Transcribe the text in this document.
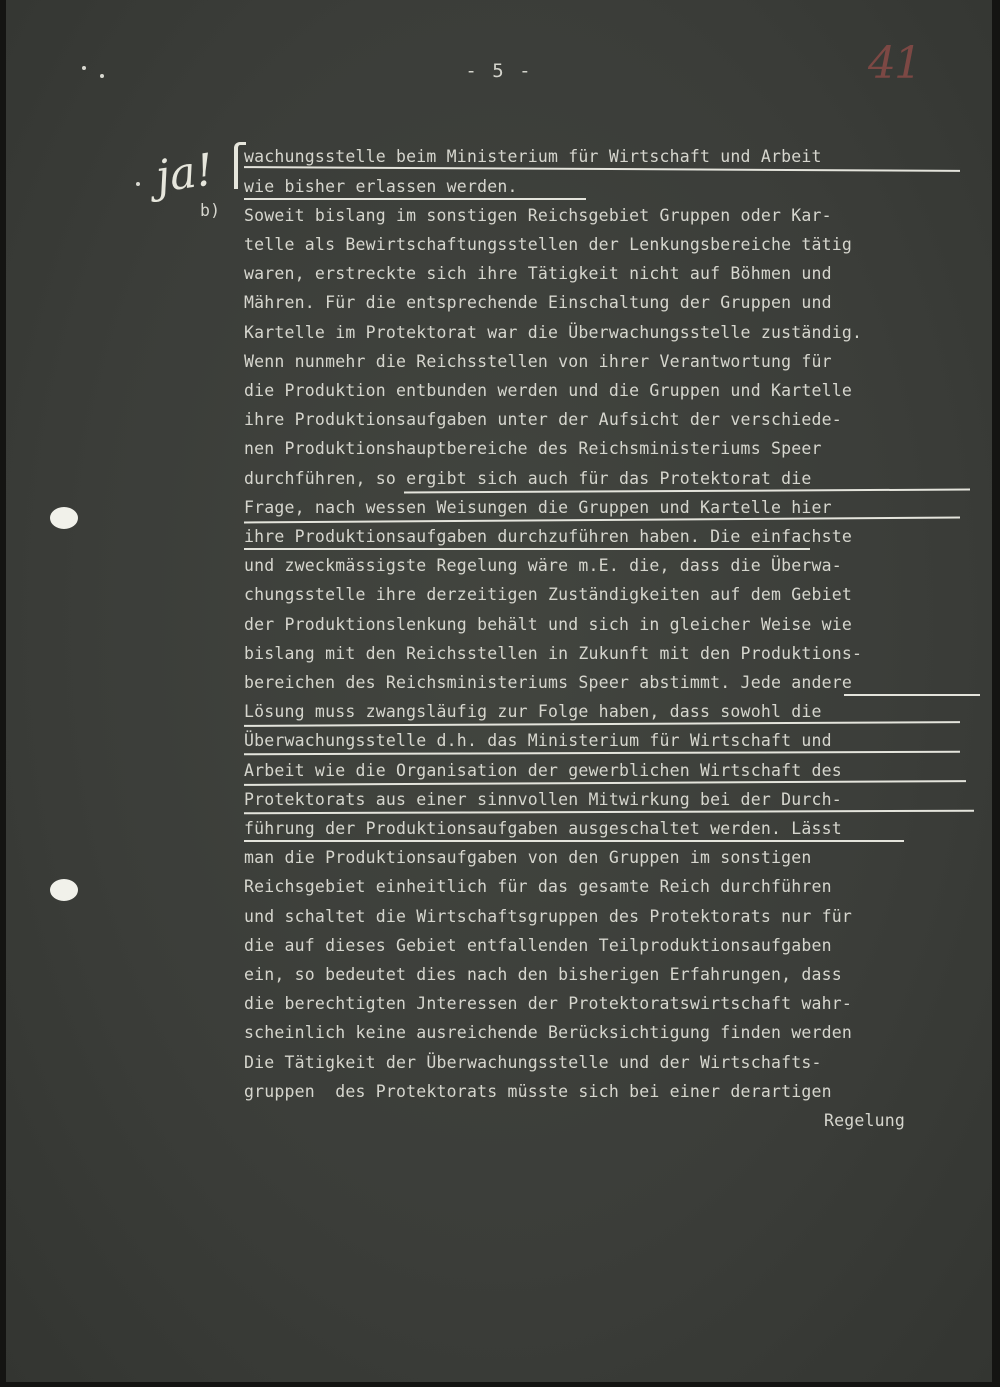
- 5 -	41
ja!
b)
wachungsstelle beim Ministerium für Wirtschaft und Arbeit
wie bisher erlassen werden.
Soweit bislang im sonstigen Reichsgebiet Gruppen oder Kar-
telle als Bewirtschaftungsstellen der Lenkungsbereiche tätig
waren, erstreckte sich ihre Tätigkeit nicht auf Böhmen und
Mähren. Für die entsprechende Einschaltung der Gruppen und
Kartelle im Protektorat war die Überwachungsstelle zuständig.
Wenn nunmehr die Reichsstellen von ihrer Verantwortung für
die Produktion entbunden werden und die Gruppen und Kartelle
ihre Produktionsaufgaben unter der Aufsicht der verschiede-
nen Produktionshauptbereiche des Reichsministeriums Speer
durchführen, so ergibt sich auch für das Protektorat die
Frage, nach wessen Weisungen die Gruppen und Kartelle hier
ihre Produktionsaufgaben durchzuführen haben. Die einfachste
und zweckmässigste Regelung wäre m.E. die, dass die Überwa-
chungsstelle ihre derzeitigen Zuständigkeiten auf dem Gebiet
der Produktionslenkung behält und sich in gleicher Weise wie
bislang mit den Reichsstellen in Zukunft mit den Produktions-
bereichen des Reichsministeriums Speer abstimmt. Jede andere
Lösung muss zwangsläufig zur Folge haben, dass sowohl die
Überwachungsstelle d.h. das Ministerium für Wirtschaft und
Arbeit wie die Organisation der gewerblichen Wirtschaft des
Protektorats aus einer sinnvollen Mitwirkung bei der Durch-
führung der Produktionsaufgaben ausgeschaltet werden. Lässt
man die Produktionsaufgaben von den Gruppen im sonstigen
Reichsgebiet einheitlich für das gesamte Reich durchführen
und schaltet die Wirtschaftsgruppen des Protektorats nur für
die auf dieses Gebiet entfallenden Teilproduktionsaufgaben
ein, so bedeutet dies nach den bisherigen Erfahrungen, dass
die berechtigten Jnteressen der Protektoratswirtschaft wahr-
scheinlich keine ausreichende Berücksichtigung finden werden
Die Tätigkeit der Überwachungsstelle und der Wirtschafts-
gruppen  des Protektorats müsste sich bei einer derartigen
Regelung
